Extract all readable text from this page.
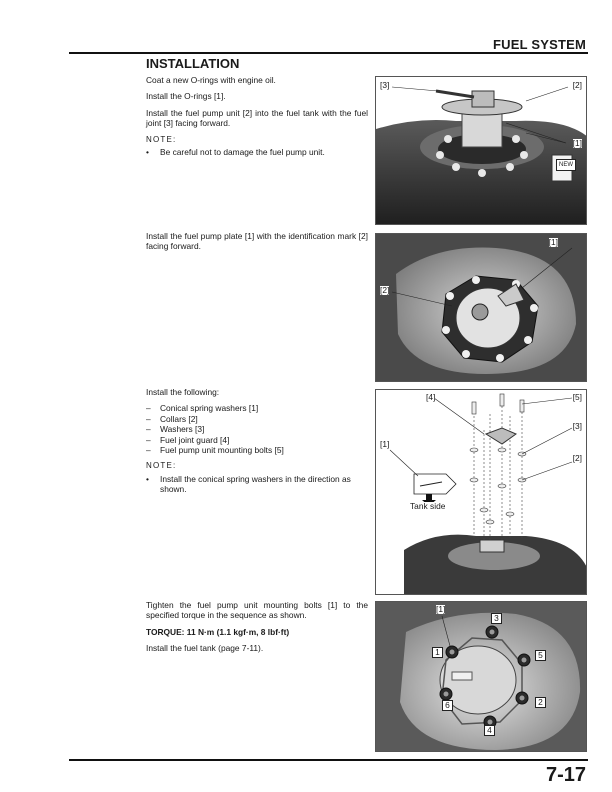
FUEL SYSTEM
INSTALLATION

Coat a new O-rings with engine oil.

Install the O-rings [1].

Install the fuel pump unit [2] into the fuel tank with the fuel joint [3] facing forward.

NOTE:
•	Be careful not to damage the fuel pump unit.
[3]	[2]
[1]
NEW

Install the fuel pump plate [1] with the identification mark [2] facing forward.	[1]
[2]

Install the following:

–	Conical spring washers [1]
–	Collars [2]
–	Washers [3]
–	Fuel joint guard [4]
–	Fuel pump unit mounting bolts [5]
NOTE:
•	Install the conical spring washers in the direction as shown.
[4]	[5]
[3]
[1]
[2]
Tank side

Tighten the fuel pump unit mounting bolts [1] to the specified torque in the sequence as shown.

TORQUE: 11 N·m (1.1 kgf·m, 8 lbf·ft)

Install the fuel tank (page 7-11).

[1]
1
2
3
4
5
6
7-17
